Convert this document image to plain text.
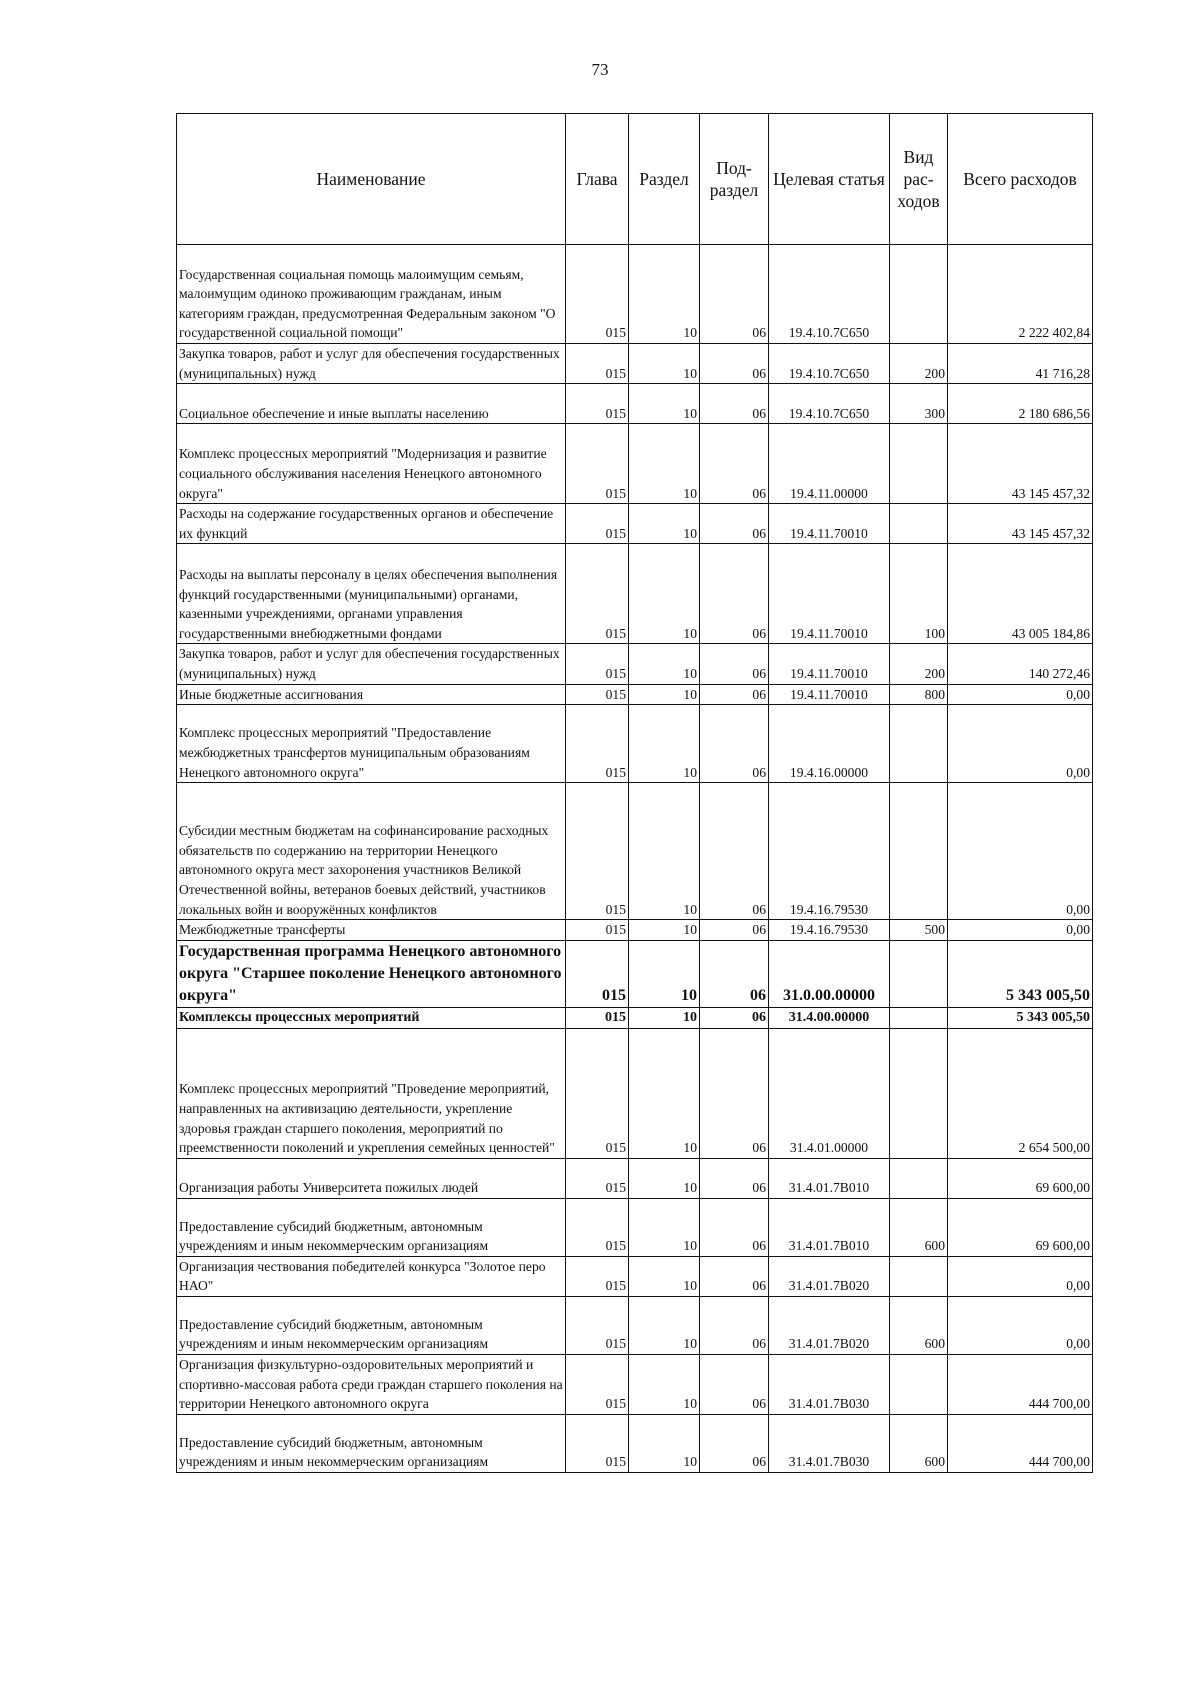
73
Наименование	Глава	Раздел	Под-раздел	Целевая статья	Вид рас-ходов	Всего расходов
Государственная социальная помощь малоимущим семьям, малоимущим одиноко проживающим гражданам, иным категориям граждан, предусмотренная Федеральным законом "О государственной социальной помощи"	015	10	06	19.4.10.7С650		2 222 402,84
Закупка товаров, работ и услуг для обеспечения государственных (муниципальных) нужд	015	10	06	19.4.10.7С650	200	41 716,28
Социальное обеспечение и иные выплаты населению	015	10	06	19.4.10.7С650	300	2 180 686,56
Комплекс процессных мероприятий "Модернизация и развитие социального обслуживания населения Ненецкого автономного округа"	015	10	06	19.4.11.00000		43 145 457,32
Расходы на содержание государственных органов и обеспечение их функций	015	10	06	19.4.11.70010		43 145 457,32
Расходы на выплаты персоналу в целях обеспечения выполнения функций государственными (муниципальными) органами, казенными учреждениями, органами управления государственными внебюджетными фондами	015	10	06	19.4.11.70010	100	43 005 184,86
Закупка товаров, работ и услуг для обеспечения государственных (муниципальных) нужд	015	10	06	19.4.11.70010	200	140 272,46
Иные бюджетные ассигнования	015	10	06	19.4.11.70010	800	0,00
Комплекс процессных мероприятий "Предоставление межбюджетных трансфертов муниципальным образованиям Ненецкого автономного округа"	015	10	06	19.4.16.00000		0,00
Субсидии местным бюджетам на софинансирование расходных обязательств по содержанию на территории Ненецкого автономного округа мест захоронения участников Великой Отечественной войны, ветеранов боевых действий, участников локальных войн и вооружённых конфликтов	015	10	06	19.4.16.79530		0,00
Межбюджетные трансферты	015	10	06	19.4.16.79530	500	0,00
Государственная программа Ненецкого автономного округа "Старшее поколение Ненецкого автономного округа"	015	10	06	31.0.00.00000		5 343 005,50
Комплексы процессных мероприятий	015	10	06	31.4.00.00000		5 343 005,50
Комплекс процессных мероприятий "Проведение мероприятий, направленных на активизацию деятельности, укрепление здоровья граждан старшего поколения, мероприятий по преемственности поколений и укрепления семейных ценностей"	015	10	06	31.4.01.00000		2 654 500,00
Организация работы Университета пожилых людей	015	10	06	31.4.01.7В010		69 600,00
Предоставление субсидий бюджетным, автономным учреждениям и иным некоммерческим организациям	015	10	06	31.4.01.7В010	600	69 600,00
Организация чествования победителей конкурса "Золотое перо НАО"	015	10	06	31.4.01.7В020		0,00
Предоставление субсидий бюджетным, автономным учреждениям и иным некоммерческим организациям	015	10	06	31.4.01.7В020	600	0,00
Организация физкультурно-оздоровительных мероприятий и спортивно-массовая работа среди граждан старшего поколения на территории Ненецкого автономного округа	015	10	06	31.4.01.7В030		444 700,00
Предоставление субсидий бюджетным, автономным учреждениям и иным некоммерческим организациям	015	10	06	31.4.01.7В030	600	444 700,00
